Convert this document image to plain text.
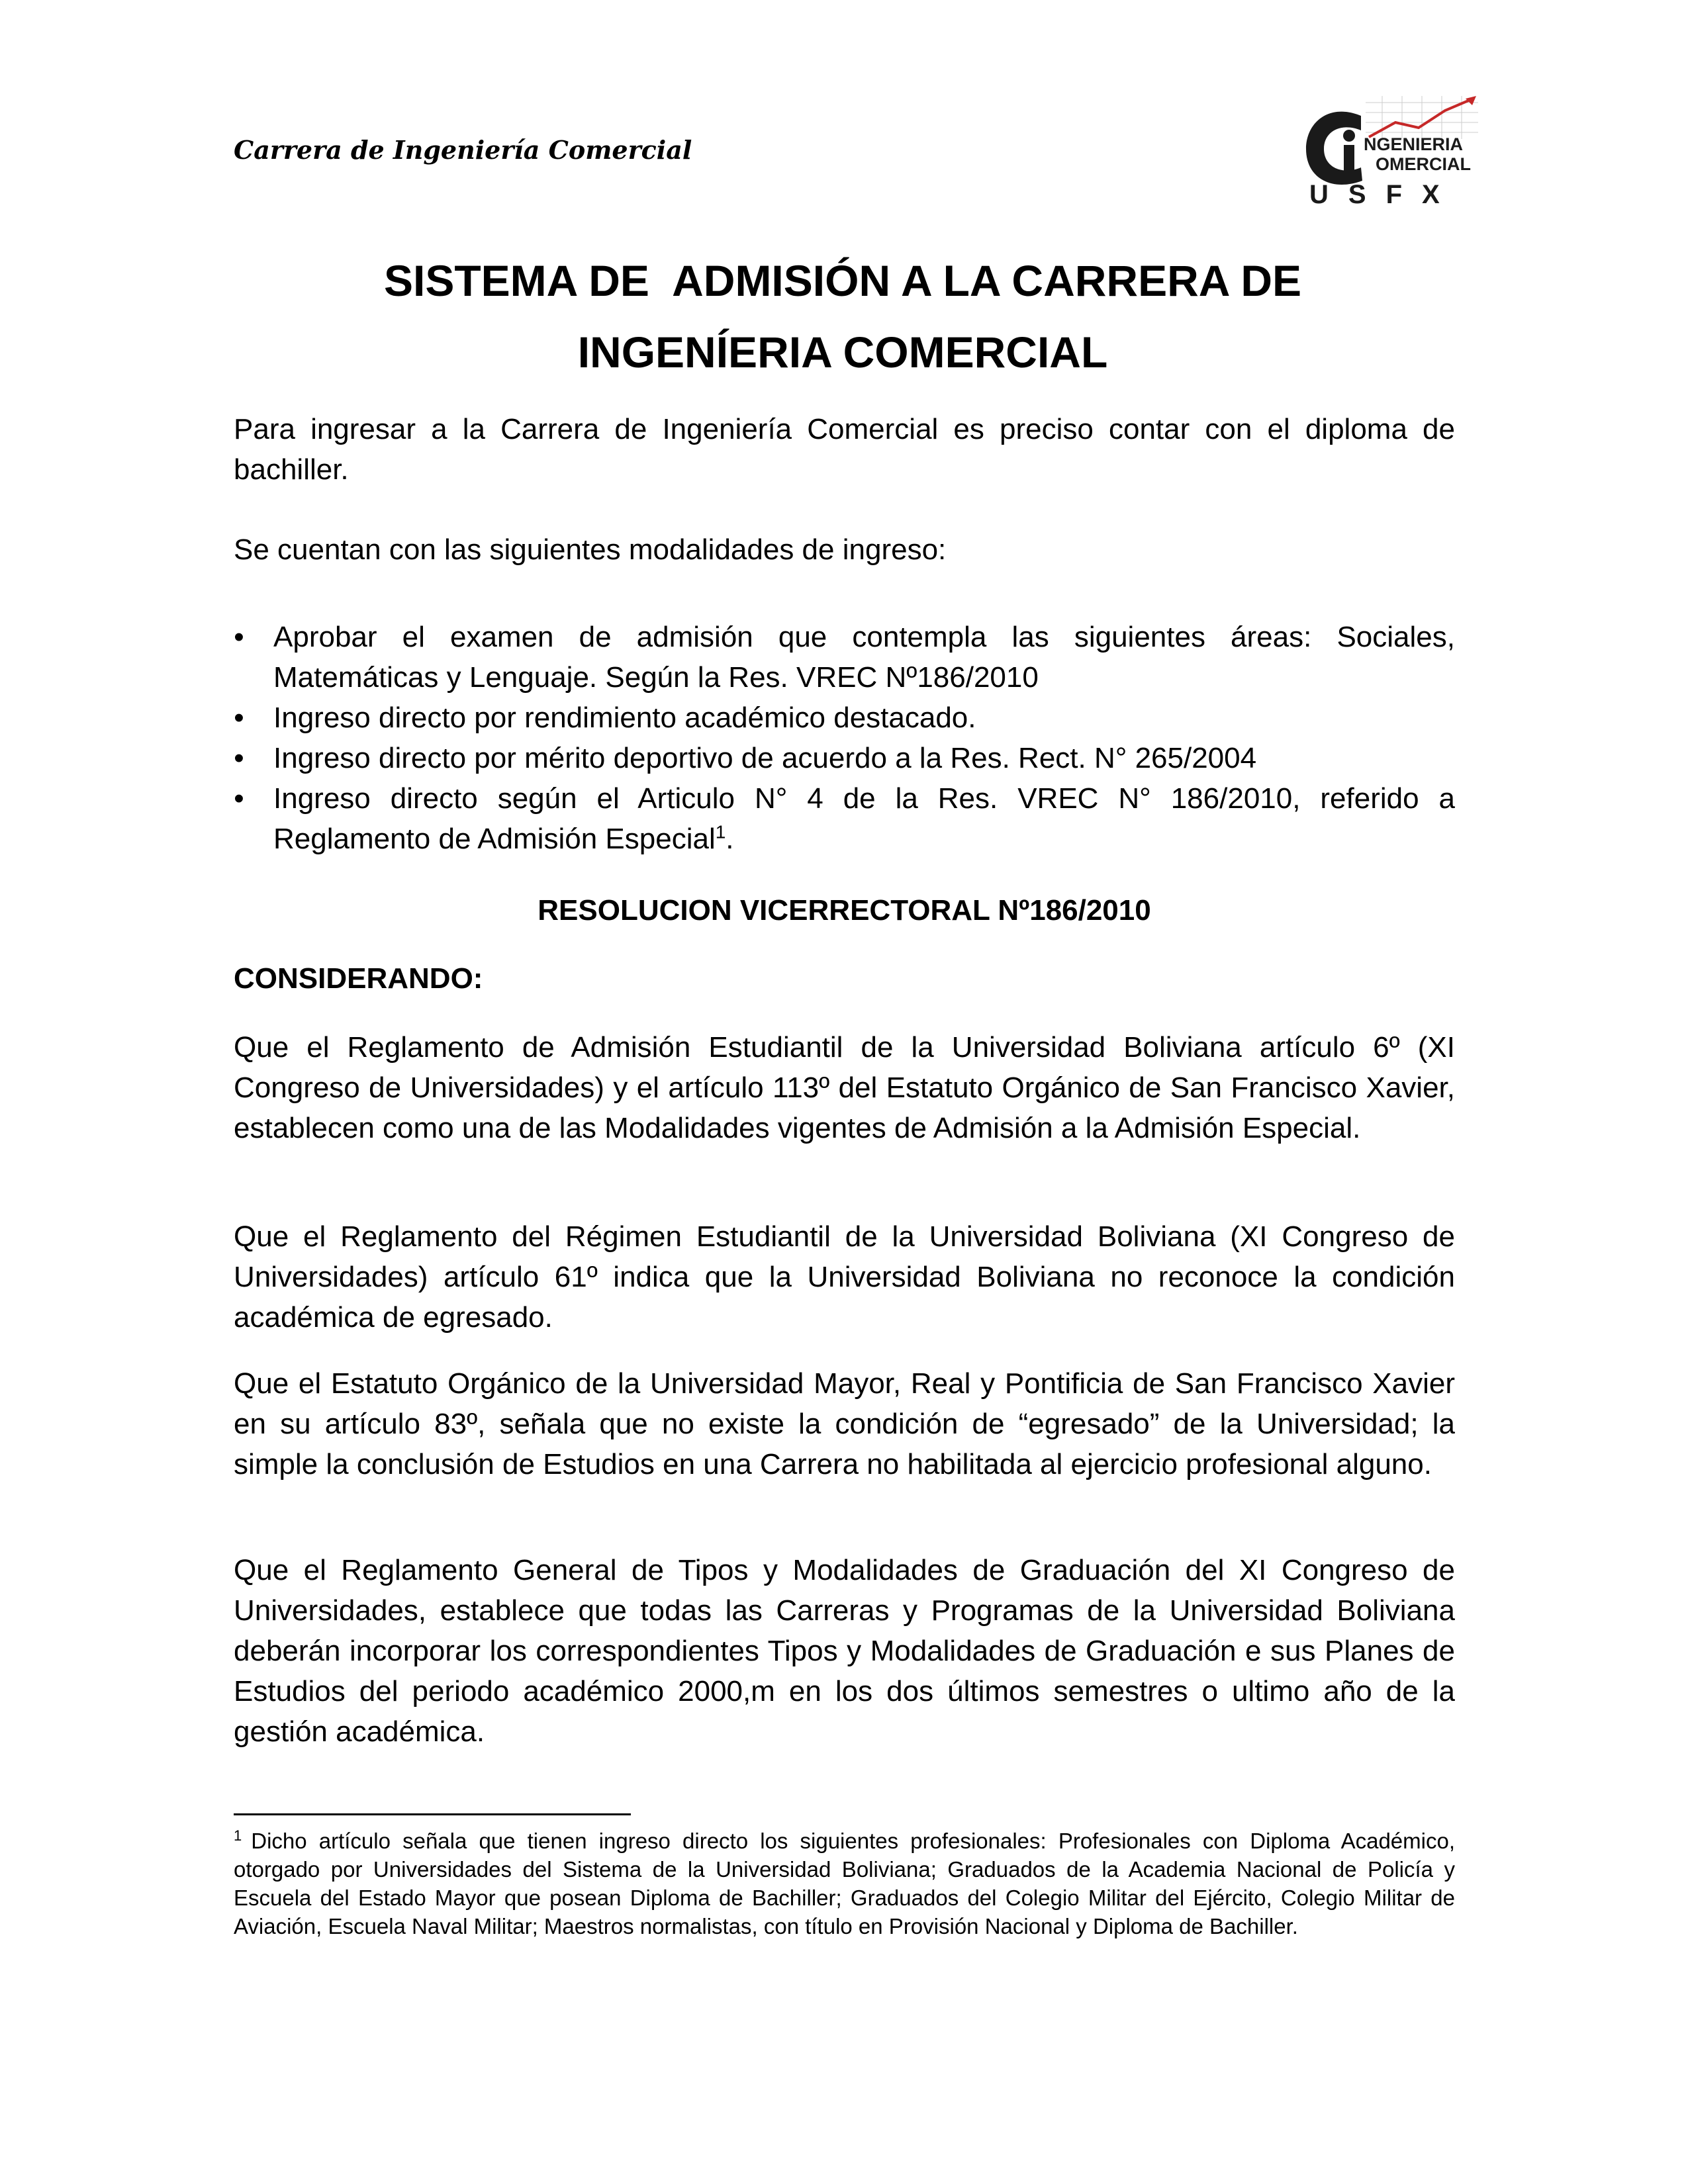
Carrera de Ingeniería Comercial	NGENIERIA
OMERCIAL
USFX
SISTEMA DE  ADMISIÓN A LA CARRERA DE
INGENÍERIA COMERCIAL

Para ingresar a la Carrera de Ingeniería Comercial es preciso contar con el diploma de bachiller.

Se cuentan con las siguientes modalidades de ingreso:

• Aprobar el examen de admisión que contempla las siguientes áreas: Sociales, Matemáticas y Lenguaje. Según la Res. VREC Nº186/2010
• Ingreso directo por rendimiento académico destacado.
• Ingreso directo por mérito deportivo de acuerdo a la Res. Rect. N° 265/2004
• Ingreso directo según el Articulo N° 4 de la Res. VREC N° 186/2010, referido a Reglamento de Admisión Especial$^1$.
RESOLUCION VICERRECTORAL Nº186/2010
CONSIDERANDO:

Que el Reglamento de Admisión Estudiantil de la Universidad Boliviana artículo 6º (XI Congreso de Universidades) y el artículo 113º del Estatuto Orgánico de San Francisco Xavier, establecen como una de las Modalidades vigentes de Admisión a la Admisión Especial.

Que el Reglamento del Régimen Estudiantil de la Universidad Boliviana (XI Congreso de Universidades) artículo 61º indica que la Universidad Boliviana no reconoce la condición académica de egresado.

Que el Estatuto Orgánico de la Universidad Mayor, Real y Pontificia de San Francisco Xavier en su artículo 83º, señala que no existe la condición de “egresado” de la Universidad; la simple la conclusión de Estudios en una Carrera no habilitada al ejercicio profesional alguno.

Que el Reglamento General de Tipos y Modalidades de Graduación del XI Congreso de Universidades, establece que todas las Carreras y Programas de la Universidad Boliviana deberán incorporar los correspondientes Tipos y Modalidades de Graduación e sus Planes de Estudios del periodo académico 2000,m en los dos últimos semestres o ultimo año de la gestión académica.

$^1$ Dicho artículo señala que tienen ingreso directo los siguientes profesionales: Profesionales con Diploma Académico, otorgado por Universidades del Sistema de la Universidad Boliviana; Graduados de la Academia Nacional de Policía y Escuela del Estado Mayor que posean Diploma de Bachiller; Graduados del Colegio Militar del Ejército, Colegio Militar de Aviación, Escuela Naval Militar; Maestros normalistas, con título en Provisión Nacional y Diploma de Bachiller.
